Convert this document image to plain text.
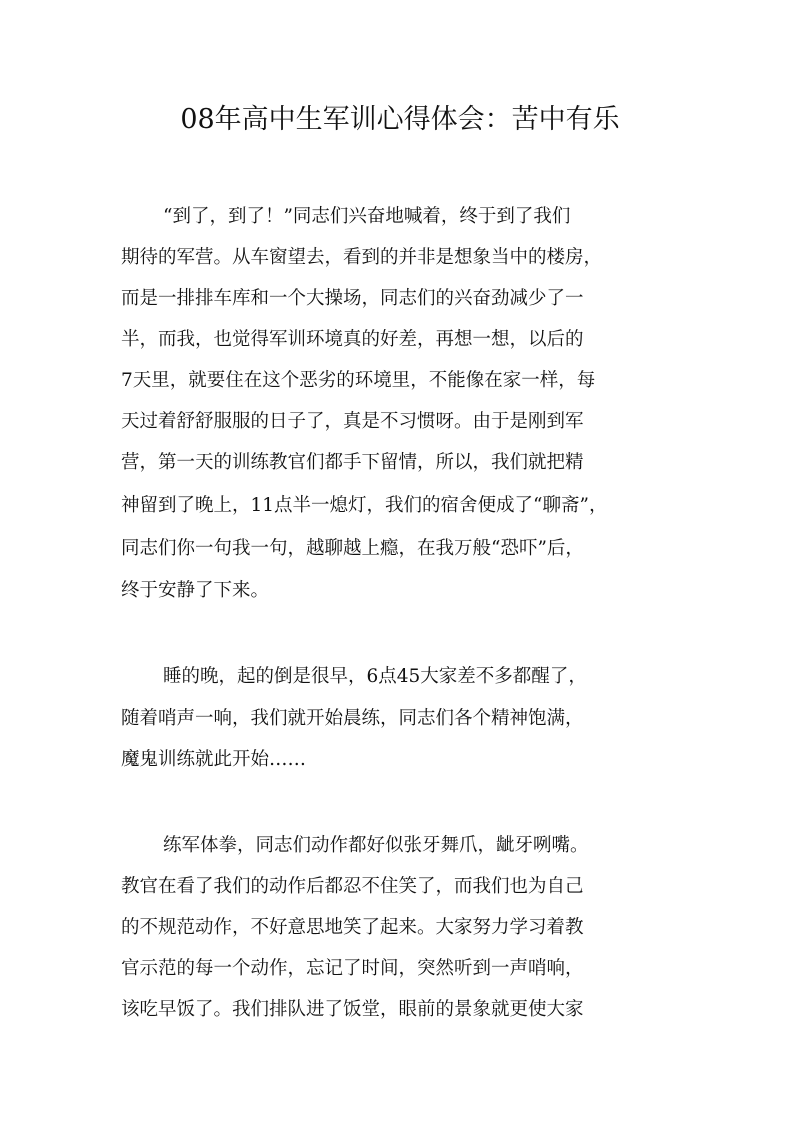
08年高中生军训心得体会：苦中有乐
“到了，到了！”同志们兴奋地喊着，终于到了我们
期待的军营。从车窗望去，看到的并非是想象当中的楼房，
而是一排排车库和一个大操场，同志们的兴奋劲减少了一
半，而我，也觉得军训环境真的好差，再想一想，以后的
7天里，就要住在这个恶劣的环境里，不能像在家一样，每
天过着舒舒服服的日子了，真是不习惯呀。由于是刚到军
营，第一天的训练教官们都手下留情，所以，我们就把精
神留到了晚上，11点半一熄灯，我们的宿舍便成了“聊斋”，
同志们你一句我一句，越聊越上瘾，在我万般“恐吓”后，
终于安静了下来。
睡的晚，起的倒是很早，6点45大家差不多都醒了，
随着哨声一响，我们就开始晨练，同志们各个精神饱满，
魔鬼训练就此开始……
练军体拳，同志们动作都好似张牙舞爪，龇牙咧嘴。
教官在看了我们的动作后都忍不住笑了，而我们也为自己
的不规范动作，不好意思地笑了起来。大家努力学习着教
官示范的每一个动作，忘记了时间，突然听到一声哨响，
该吃早饭了。我们排队进了饭堂，眼前的景象就更使大家
